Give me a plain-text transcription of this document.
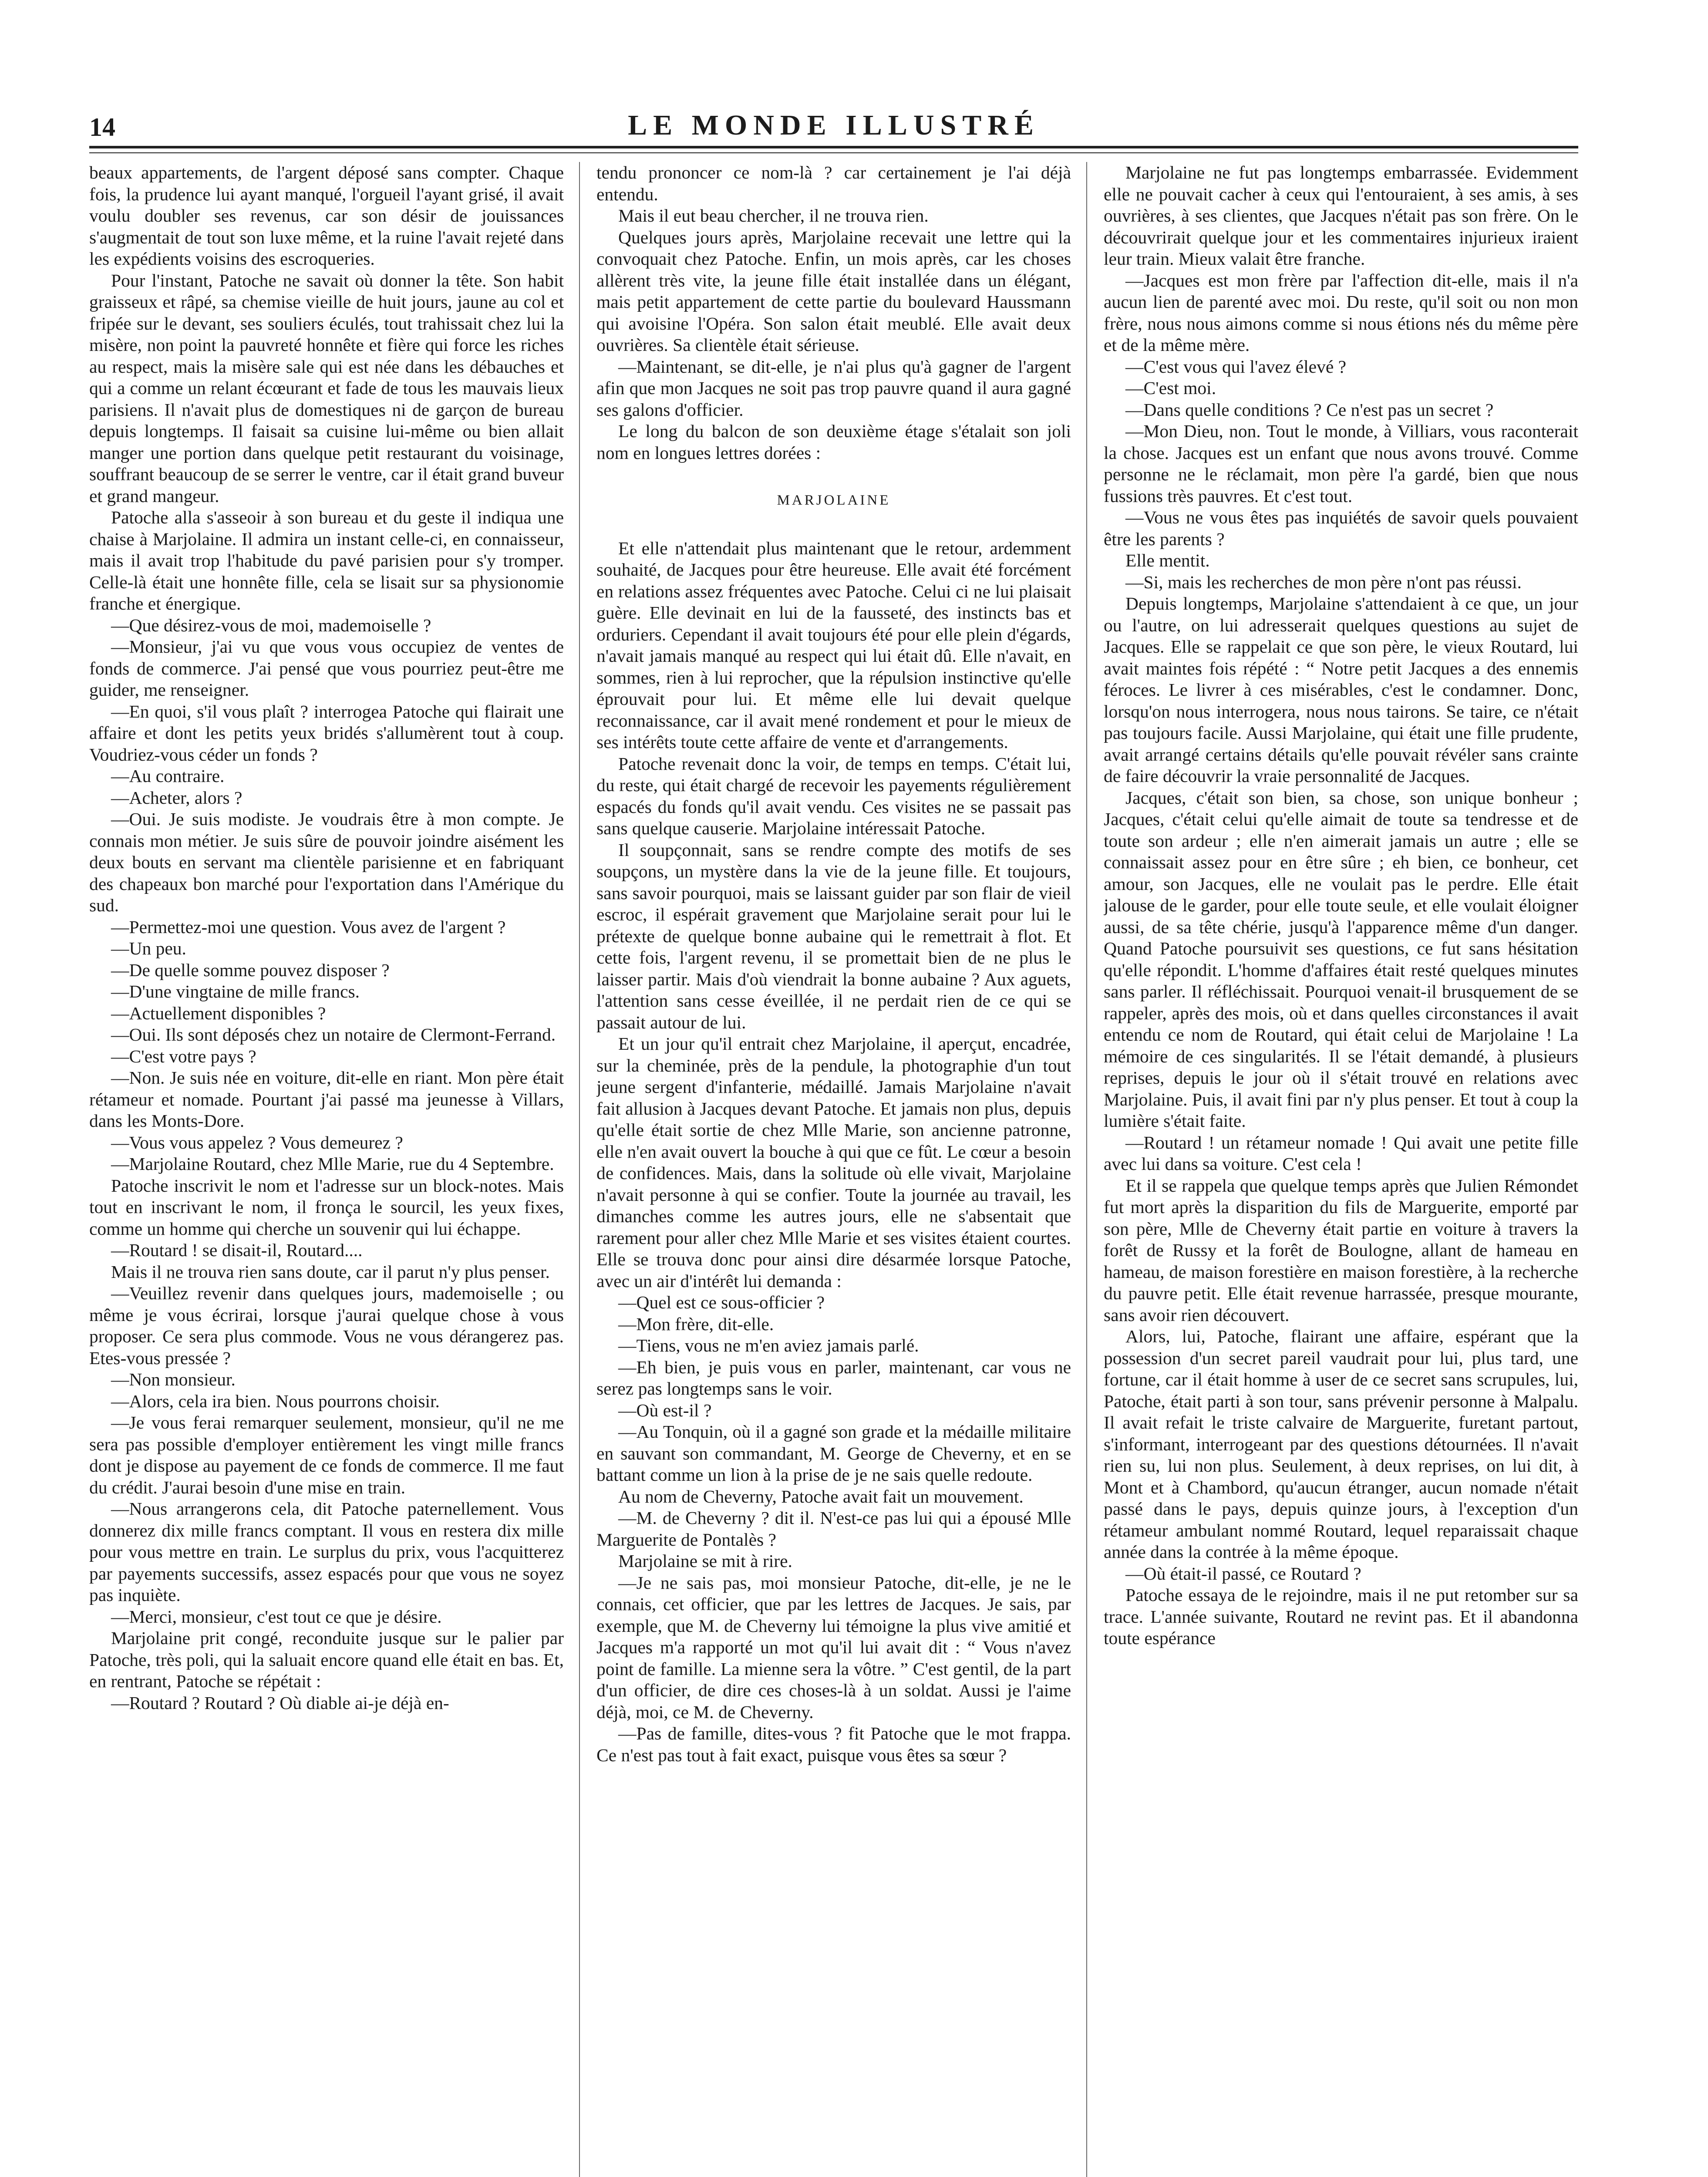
14	LE MONDE ILLUSTRÉ

beaux appartements, de l'argent déposé sans compter. Chaque fois, la prudence lui ayant manqué, l'orgueil l'ayant grisé, il avait voulu doubler ses revenus, car son désir de jouissances s'augmentait de tout son luxe même, et la ruine l'avait rejeté dans les expédients voisins des escroqueries.

Pour l'instant, Patoche ne savait où donner la tête. Son habit graisseux et râpé, sa chemise vieille de huit jours, jaune au col et fripée sur le devant, ses souliers éculés, tout trahissait chez lui la misère, non point la pauvreté honnête et fière qui force les riches au respect, mais la misère sale qui est née dans les débauches et qui a comme un relant écœurant et fade de tous les mauvais lieux parisiens. Il n'avait plus de domestiques ni de garçon de bureau depuis longtemps. Il faisait sa cuisine lui-même ou bien allait manger une portion dans quelque petit restaurant du voisinage, souffrant beaucoup de se serrer le ventre, car il était grand buveur et grand mangeur.

Patoche alla s'asseoir à son bureau et du geste il indiqua une chaise à Marjolaine. Il admira un instant celle-ci, en connaisseur, mais il avait trop l'habitude du pavé parisien pour s'y tromper. Celle-là était une honnête fille, cela se lisait sur sa physionomie franche et énergique.

—Que désirez-vous de moi, mademoiselle ?

—Monsieur, j'ai vu que vous vous occupiez de ventes de fonds de commerce. J'ai pensé que vous pourriez peut-être me guider, me renseigner.

—En quoi, s'il vous plaît ? interrogea Patoche qui flairait une affaire et dont les petits yeux bridés s'allumèrent tout à coup. Voudriez-vous céder un fonds ?

—Au contraire.

—Acheter, alors ?

—Oui. Je suis modiste. Je voudrais être à mon compte. Je connais mon métier. Je suis sûre de pouvoir joindre aisément les deux bouts en servant ma clientèle parisienne et en fabriquant des chapeaux bon marché pour l'exportation dans l'Amérique du sud.

—Permettez-moi une question. Vous avez de l'argent ?

—Un peu.

—De quelle somme pouvez disposer ?

—D'une vingtaine de mille francs.

—Actuellement disponibles ?

—Oui. Ils sont déposés chez un notaire de Clermont-Ferrand.

—C'est votre pays ?

—Non. Je suis née en voiture, dit-elle en riant. Mon père était rétameur et nomade. Pourtant j'ai passé ma jeunesse à Villars, dans les Monts-Dore.

—Vous vous appelez ? Vous demeurez ?

—Marjolaine Routard, chez Mlle Marie, rue du 4 Septembre.

Patoche inscrivit le nom et l'adresse sur un block-notes. Mais tout en inscrivant le nom, il fronça le sourcil, les yeux fixes, comme un homme qui cherche un souvenir qui lui échappe.

—Routard ! se disait-il, Routard....

Mais il ne trouva rien sans doute, car il parut n'y plus penser.

—Veuillez revenir dans quelques jours, mademoiselle ; ou même je vous écrirai, lorsque j'aurai quelque chose à vous proposer. Ce sera plus commode. Vous ne vous dérangerez pas. Etes-vous pressée ?

—Non monsieur.

—Alors, cela ira bien. Nous pourrons choisir.

—Je vous ferai remarquer seulement, monsieur, qu'il ne me sera pas possible d'employer entièrement les vingt mille francs dont je dispose au payement de ce fonds de commerce. Il me faut du crédit. J'aurai besoin d'une mise en train.

—Nous arrangerons cela, dit Patoche paternellement. Vous donnerez dix mille francs comptant. Il vous en restera dix mille pour vous mettre en train. Le surplus du prix, vous l'acquitterez par payements successifs, assez espacés pour que vous ne soyez pas inquiète.

—Merci, monsieur, c'est tout ce que je désire.

Marjolaine prit congé, reconduite jusque sur le palier par Patoche, très poli, qui la saluait encore quand elle était en bas. Et, en rentrant, Patoche se répétait :

—Routard ? Routard ? Où diable ai-je déjà en-

tendu prononcer ce nom-là ? car certainement je l'ai déjà entendu.

Mais il eut beau chercher, il ne trouva rien.

Quelques jours après, Marjolaine recevait une lettre qui la convoquait chez Patoche. Enfin, un mois après, car les choses allèrent très vite, la jeune fille était installée dans un élégant, mais petit appartement de cette partie du boulevard Haussmann qui avoisine l'Opéra. Son salon était meublé. Elle avait deux ouvrières. Sa clientèle était sérieuse.

—Maintenant, se dit-elle, je n'ai plus qu'à gagner de l'argent afin que mon Jacques ne soit pas trop pauvre quand il aura gagné ses galons d'officier.

Le long du balcon de son deuxième étage s'étalait son joli nom en longues lettres dorées :

MARJOLAINE

Et elle n'attendait plus maintenant que le retour, ardemment souhaité, de Jacques pour être heureuse. Elle avait été forcément en relations assez fréquentes avec Patoche. Celui ci ne lui plaisait guère. Elle devinait en lui de la fausseté, des instincts bas et orduriers. Cependant il avait toujours été pour elle plein d'égards, n'avait jamais manqué au respect qui lui était dû. Elle n'avait, en sommes, rien à lui reprocher, que la répulsion instinctive qu'elle éprouvait pour lui. Et même elle lui devait quelque reconnaissance, car il avait mené rondement et pour le mieux de ses intérêts toute cette affaire de vente et d'arrangements.

Patoche revenait donc la voir, de temps en temps. C'était lui, du reste, qui était chargé de recevoir les payements régulièrement espacés du fonds qu'il avait vendu. Ces visites ne se passait pas sans quelque causerie. Marjolaine intéressait Patoche.

Il soupçonnait, sans se rendre compte des motifs de ses soupçons, un mystère dans la vie de la jeune fille. Et toujours, sans savoir pourquoi, mais se laissant guider par son flair de vieil escroc, il espérait gravement que Marjolaine serait pour lui le prétexte de quelque bonne aubaine qui le remettrait à flot. Et cette fois, l'argent revenu, il se promettait bien de ne plus le laisser partir. Mais d'où viendrait la bonne aubaine ? Aux aguets, l'attention sans cesse éveillée, il ne perdait rien de ce qui se passait autour de lui.

Et un jour qu'il entrait chez Marjolaine, il aperçut, encadrée, sur la cheminée, près de la pendule, la photographie d'un tout jeune sergent d'infanterie, médaillé. Jamais Marjolaine n'avait fait allusion à Jacques devant Patoche. Et jamais non plus, depuis qu'elle était sortie de chez Mlle Marie, son ancienne patronne, elle n'en avait ouvert la bouche à qui que ce fût. Le cœur a besoin de confidences. Mais, dans la solitude où elle vivait, Marjolaine n'avait personne à qui se confier. Toute la journée au travail, les dimanches comme les autres jours, elle ne s'absentait que rarement pour aller chez Mlle Marie et ses visites étaient courtes. Elle se trouva donc pour ainsi dire désarmée lorsque Patoche, avec un air d'intérêt lui demanda :

—Quel est ce sous-officier ?

—Mon frère, dit-elle.

—Tiens, vous ne m'en aviez jamais parlé.

—Eh bien, je puis vous en parler, maintenant, car vous ne serez pas longtemps sans le voir.

—Où est-il ?

—Au Tonquin, où il a gagné son grade et la médaille militaire en sauvant son commandant, M. George de Cheverny, et en se battant comme un lion à la prise de je ne sais quelle redoute.

Au nom de Cheverny, Patoche avait fait un mouvement.

—M. de Cheverny ? dit il. N'est-ce pas lui qui a épousé Mlle Marguerite de Pontalès ?

Marjolaine se mit à rire.

—Je ne sais pas, moi monsieur Patoche, dit-elle, je ne le connais, cet officier, que par les lettres de Jacques. Je sais, par exemple, que M. de Cheverny lui témoigne la plus vive amitié et Jacques m'a rapporté un mot qu'il lui avait dit : “ Vous n'avez point de famille. La mienne sera la vôtre. ” C'est gentil, de la part d'un officier, de dire ces choses-là à un soldat. Aussi je l'aime déjà, moi, ce M. de Cheverny.

—Pas de famille, dites-vous ? fit Patoche que le mot frappa. Ce n'est pas tout à fait exact, puisque vous êtes sa sœur ?

Marjolaine ne fut pas longtemps embarrassée. Evidemment elle ne pouvait cacher à ceux qui l'entouraient, à ses amis, à ses ouvrières, à ses clientes, que Jacques n'était pas son frère. On le découvrirait quelque jour et les commentaires injurieux iraient leur train. Mieux valait être franche.

—Jacques est mon frère par l'affection dit-elle, mais il n'a aucun lien de parenté avec moi. Du reste, qu'il soit ou non mon frère, nous nous aimons comme si nous étions nés du même père et de la même mère.

—C'est vous qui l'avez élevé ?

—C'est moi.

—Dans quelle conditions ? Ce n'est pas un secret ?

—Mon Dieu, non. Tout le monde, à Villiars, vous raconterait la chose. Jacques est un enfant que nous avons trouvé. Comme personne ne le réclamait, mon père l'a gardé, bien que nous fussions très pauvres. Et c'est tout.

—Vous ne vous êtes pas inquiétés de savoir quels pouvaient être les parents ?

Elle mentit.

—Si, mais les recherches de mon père n'ont pas réussi.

Depuis longtemps, Marjolaine s'attendaient à ce que, un jour ou l'autre, on lui adresserait quelques questions au sujet de Jacques. Elle se rappelait ce que son père, le vieux Routard, lui avait maintes fois répété : “ Notre petit Jacques a des ennemis féroces. Le livrer à ces misérables, c'est le condamner. Donc, lorsqu'on nous interrogera, nous nous tairons. Se taire, ce n'était pas toujours facile. Aussi Marjolaine, qui était une fille prudente, avait arrangé certains détails qu'elle pouvait révéler sans crainte de faire découvrir la vraie personnalité de Jacques.

Jacques, c'était son bien, sa chose, son unique bonheur ; Jacques, c'était celui qu'elle aimait de toute sa tendresse et de toute son ardeur ; elle n'en aimerait jamais un autre ; elle se connaissait assez pour en être sûre ; eh bien, ce bonheur, cet amour, son Jacques, elle ne voulait pas le perdre. Elle était jalouse de le garder, pour elle toute seule, et elle voulait éloigner aussi, de sa tête chérie, jusqu'à l'apparence même d'un danger. Quand Patoche poursuivit ses questions, ce fut sans hésitation qu'elle répondit. L'homme d'affaires était resté quelques minutes sans parler. Il réfléchissait. Pourquoi venait-il brusquement de se rappeler, après des mois, où et dans quelles circonstances il avait entendu ce nom de Routard, qui était celui de Marjolaine ! La mémoire de ces singularités. Il se l'était demandé, à plusieurs reprises, depuis le jour où il s'était trouvé en relations avec Marjolaine. Puis, il avait fini par n'y plus penser. Et tout à coup la lumière s'était faite.

—Routard ! un rétameur nomade ! Qui avait une petite fille avec lui dans sa voiture. C'est cela !

Et il se rappela que quelque temps après que Julien Rémondet fut mort après la disparition du fils de Marguerite, emporté par son père, Mlle de Cheverny était partie en voiture à travers la forêt de Russy et la forêt de Boulogne, allant de hameau en hameau, de maison forestière en maison forestière, à la recherche du pauvre petit. Elle était revenue harrassée, presque mourante, sans avoir rien découvert.

Alors, lui, Patoche, flairant une affaire, espérant que la possession d'un secret pareil vaudrait pour lui, plus tard, une fortune, car il était homme à user de ce secret sans scrupules, lui, Patoche, était parti à son tour, sans prévenir personne à Malpalu. Il avait refait le triste calvaire de Marguerite, furetant partout, s'informant, interrogeant par des questions détournées. Il n'avait rien su, lui non plus. Seulement, à deux reprises, on lui dit, à Mont et à Chambord, qu'aucun étranger, aucun nomade n'était passé dans le pays, depuis quinze jours, à l'exception d'un rétameur ambulant nommé Routard, lequel reparaissait chaque année dans la contrée à la même époque.

—Où était-il passé, ce Routard ?

Patoche essaya de le rejoindre, mais il ne put retomber sur sa trace. L'année suivante, Routard ne revint pas. Et il abandonna toute espérance
